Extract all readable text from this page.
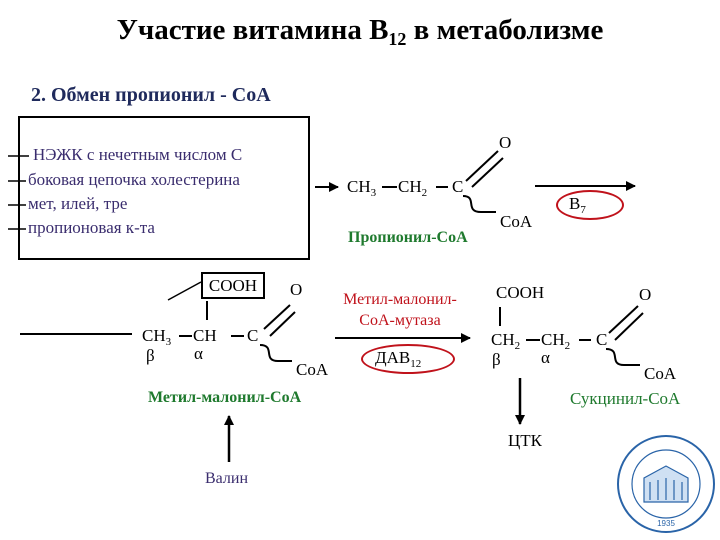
Участие витамина $B_{12}$ в метаболизме
2. Обмен пропионил - CoA
НЭЖК с нечетным числом С
боковая цепочка холестерина
мет, илей, тре
пропионовая к-та
1935
$CH_3$ $CH_2$ C
O
CoA
Пропионил-CoA
$B_7$
COOH
$CH_3$ CH C
O
CoA
β α
Метил-малонил-CoA
Метил-малонил-
CoA-мутаза
$ДАВ_{12}$
Валин
COOH
$CH_2$ $CH_2$ C
O
CoA
β α
Сукцинил-CoA
ЦТК
